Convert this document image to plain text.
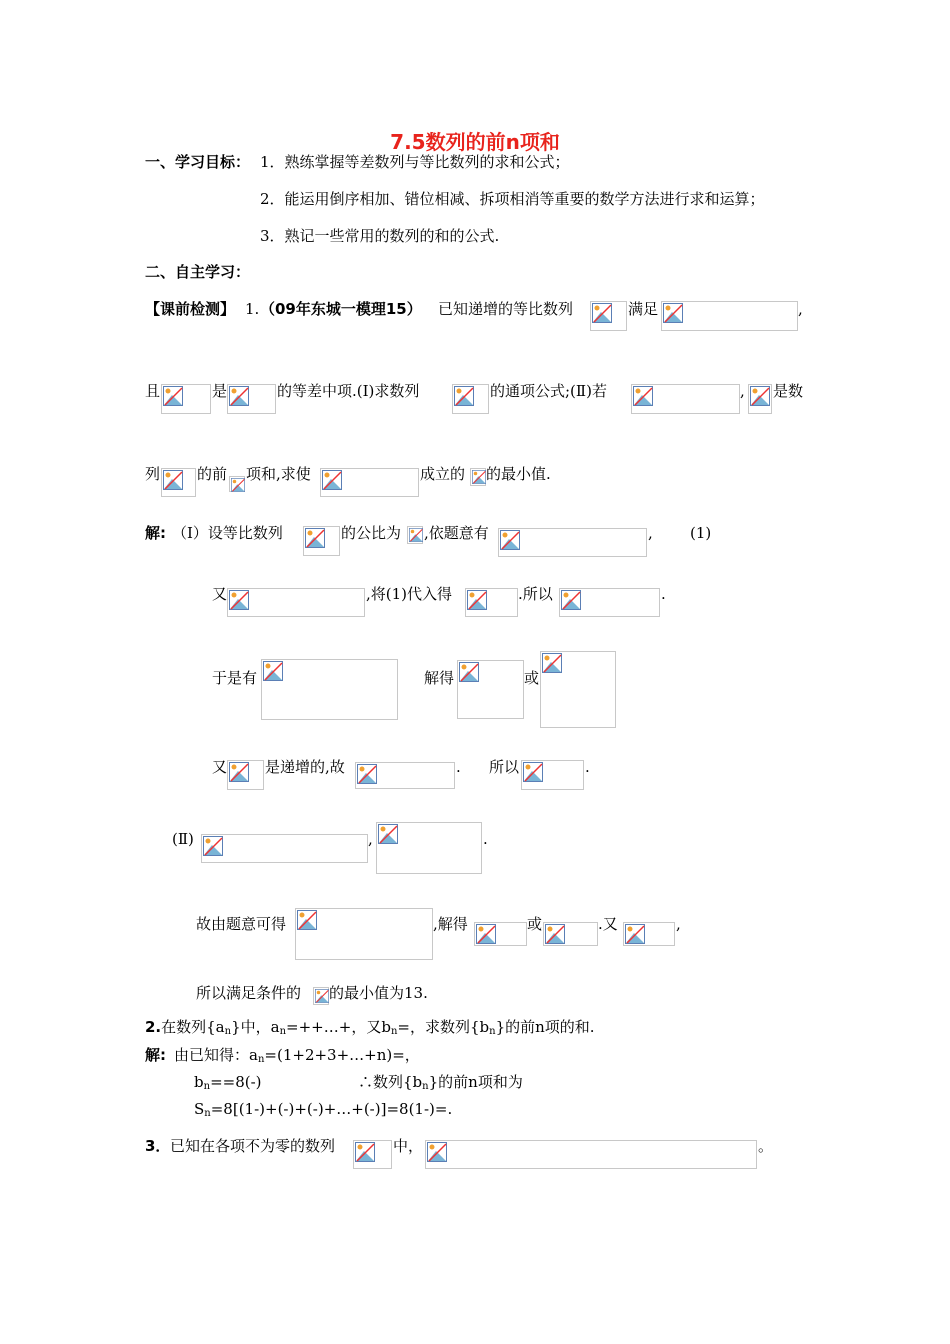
7.5数列的前n项和
一、学习目标： 1．熟练掌握等差数列与等比数列的求和公式；
2．能运用倒序相加、错位相减、拆项相消等重要的数学方法进行求和运算；
3．熟记一些常用的数列的和的公式.
二、自主学习：
【课前检测】 1. （09年东城一模理15） 已知递增的等比数列	满足	,
且	是	的等差中项.(Ⅰ)求数列	的通项公式;(Ⅱ)若	, 是数
列 的前 项和,求使	成立的 的最小值.
解: （Ⅰ）设等比数列	的公比为 ,依题意有	, (1)
又	,将(1)代入得	.所以	.
于是有	解得	或
又	是递增的,故	. 所以	.
(Ⅱ)	,	.
故由题意可得	,解得	或	.又	,
所以满足条件的 的最小值为13.
2.在数列$\{a_n\}$中，$a_n=++\dots+$，又$b_n=$，求数列$\{b_n\}$的前n项的和.
解: 由已知得：$a_n=(1+2+3+\dots+n)=$，
$b_n==8(-)$	∴数列$\{b_n\}$的前n项和为
$S_n=8[(1-)+(-)+(-)+\dots+(-)]=8(1-)=$.
3． 已知在各项不为零的数列	中，	。
